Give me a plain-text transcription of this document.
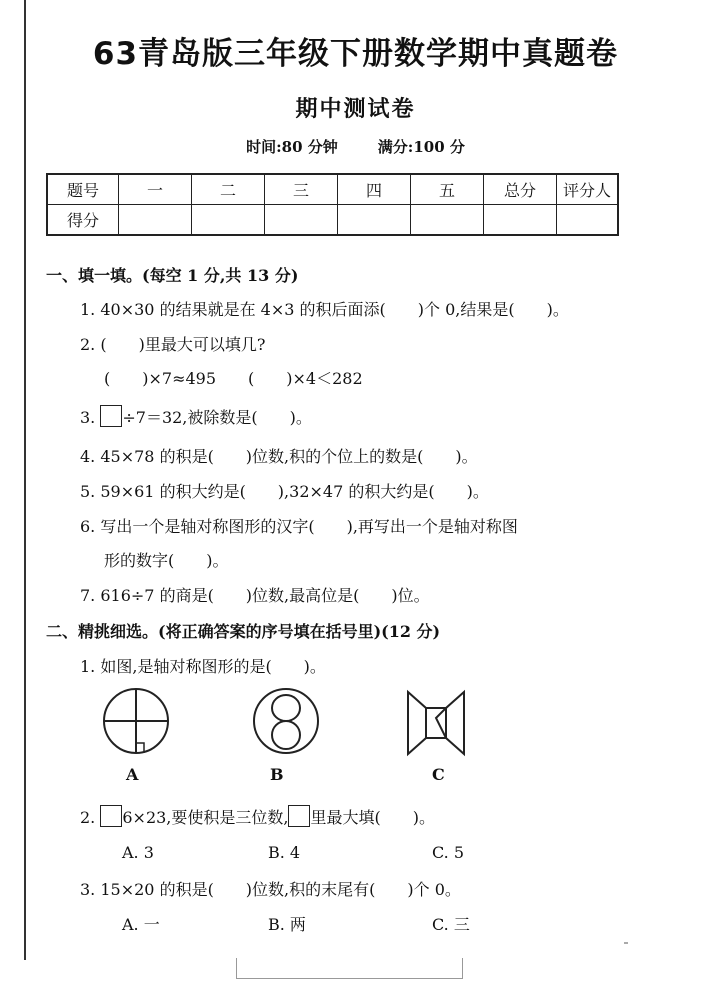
63青岛版三年级下册数学期中真题卷
期中测试卷
时间:80 分钟	满分:100 分
题号	一	二	三	四	五	总分	评分人
得分							
一、填一填。(每空 1 分,共 13 分)
1. 40×30 的结果就是在 4×3 的积后面添(　　)个 0,结果是(　　)。
2. (　　)里最大可以填几?
(　　)×7≈495　　(　　)×4＜282
3. ÷7＝32,被除数是(　　)。
4. 45×78 的积是(　　)位数,积的个位上的数是(　　)。
5. 59×61 的积大约是(　　),32×47 的积大约是(　　)。
6. 写出一个是轴对称图形的汉字(　　),再写出一个是轴对称图
形的数字(　　)。
7. 616÷7 的商是(　　)位数,最高位是(　　)位。
二、精挑细选。(将正确答案的序号填在括号里)(12 分)
1. 如图,是轴对称图形的是(　　)。
A	B	C
2. 6×23,要使积是三位数, 里最大填(　　)。
A. 3	B. 4	C. 5
3. 15×20 的积是(　　)位数,积的末尾有(　　)个 0。
A. 一	B. 两	C. 三
